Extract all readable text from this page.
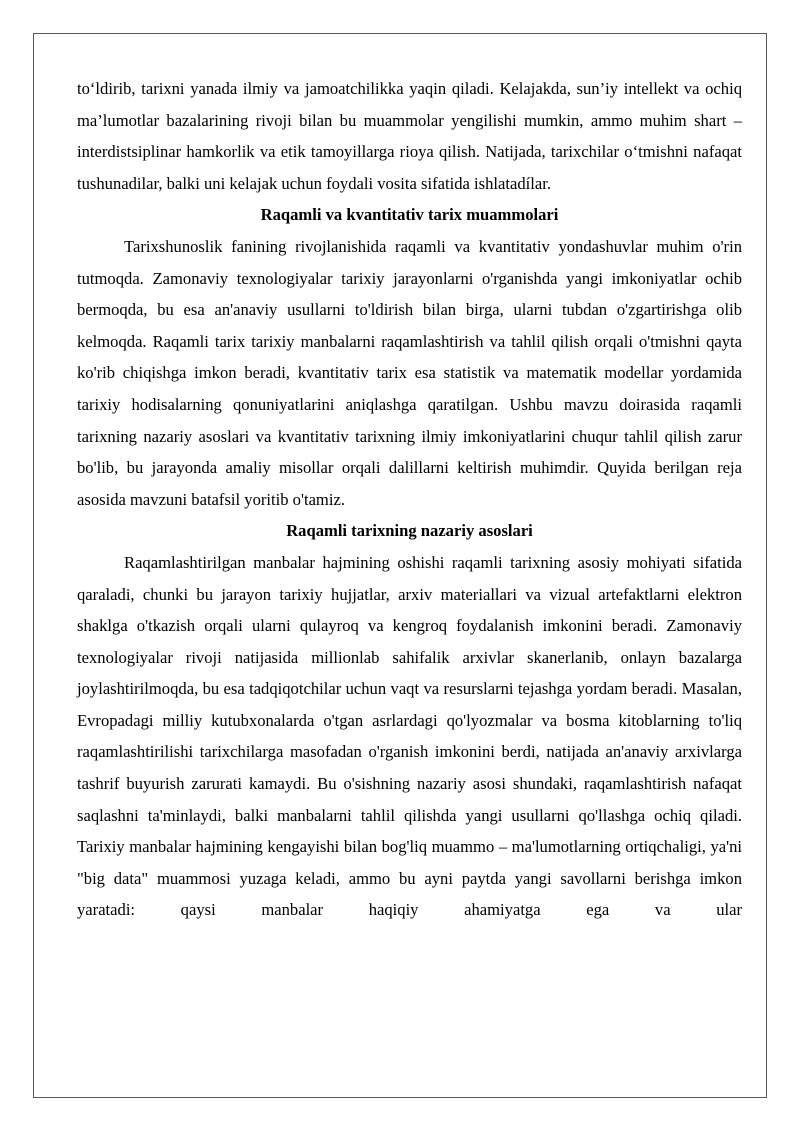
to‘ldirib, tarixni yanada ilmiy va jamoatchilikka yaqin qiladi. Kelajakda, sun’iy intellekt va ochiq ma’lumotlar bazalarining rivoji bilan bu muammolar yengilishi mumkin, ammo muhim shart – interdistsiplinar hamkorlik va etik tamoyillarga rioya qilish. Natijada, tarixchilar o‘tmishni nafaqat tushunadilar, balki uni kelajak uchun foydali vosita sifatida ishlatadílar.

Raqamli va kvantitativ tarix muammolari

Tarixshunoslik fanining rivojlanishida raqamli va kvantitativ yondashuvlar muhim o'rin tutmoqda. Zamonaviy texnologiyalar tarixiy jarayonlarni o'rganishda yangi imkoniyatlar ochib bermoqda, bu esa an'anaviy usullarni to'ldirish bilan birga, ularni tubdan o'zgartirishga olib kelmoqda. Raqamli tarix tarixiy manbalarni raqamlashtirish va tahlil qilish orqali o'tmishni qayta ko'rib chiqishga imkon beradi, kvantitativ tarix esa statistik va matematik modellar yordamida tarixiy hodisalarning qonuniyatlarini aniqlashga qaratilgan. Ushbu mavzu doirasida raqamli tarixning nazariy asoslari va kvantitativ tarixning ilmiy imkoniyatlarini chuqur tahlil qilish zarur bo'lib, bu jarayonda amaliy misollar orqali dalillarni keltirish muhimdir. Quyida berilgan reja asosida mavzuni batafsil yoritib o'tamiz.

Raqamli tarixning nazariy asoslari

Raqamlashtirilgan manbalar hajmining oshishi raqamli tarixning asosiy mohiyati sifatida qaraladi, chunki bu jarayon tarixiy hujjatlar, arxiv materiallari va vizual artefaktlarni elektron shaklga o'tkazish orqali ularni qulayroq va kengroq foydalanish imkonini beradi. Zamonaviy texnologiyalar rivoji natijasida millionlab sahifalik arxivlar skanerlanib, onlayn bazalarga joylashtirilmoqda, bu esa tadqiqotchilar uchun vaqt va resurslarni tejashga yordam beradi. Masalan, Evropadagi milliy kutubxonalarda o'tgan asrlardagi qo'lyozmalar va bosma kitoblarning to'liq raqamlashtirilishi tarixchilarga masofadan o'rganish imkonini berdi, natijada an'anaviy arxivlarga tashrif buyurish zarurati kamaydi. Bu o'sishning nazariy asosi shundaki, raqamlashtirish nafaqat saqlashni ta'minlaydi, balki manbalarni tahlil qilishda yangi usullarni qo'llashga ochiq qiladi. Tarixiy manbalar hajmining kengayishi bilan bog'liq muammo – ma'lumotlarning ortiqchaligi, ya'ni "big data" muammosi yuzaga keladi, ammo bu ayni paytda yangi savollarni berishga imkon yaratadi: qaysi manbalar haqiqiy ahamiyatga ega va ular
